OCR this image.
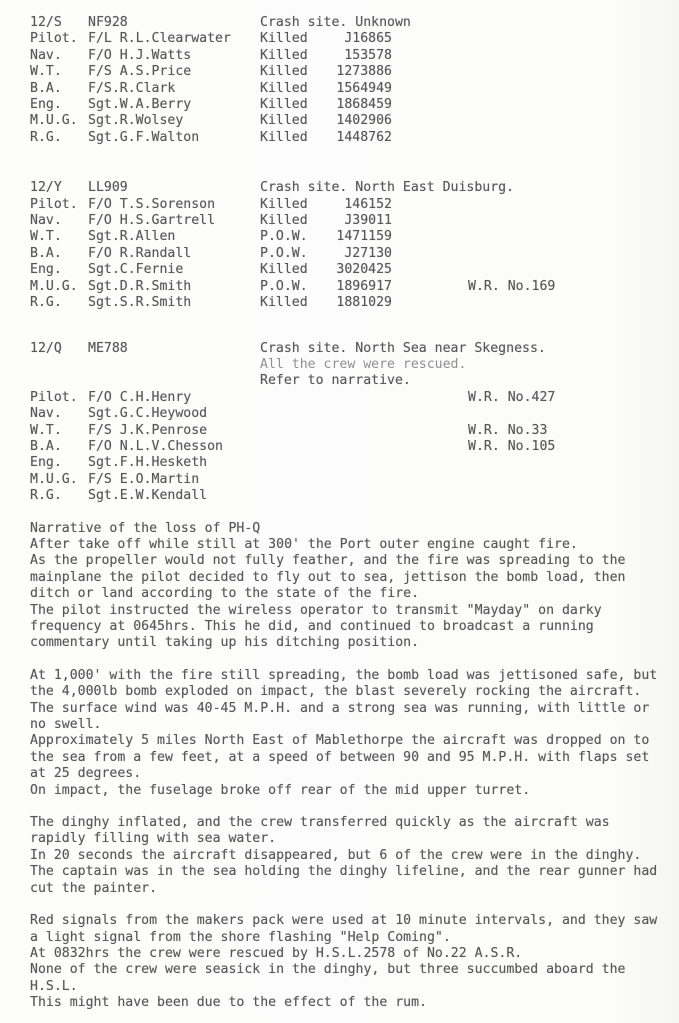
12/S	NF928	Crash site. Unknown
Pilot. F/L R.L.Clearwater	Killed	J16865
Nav.	F/O H.J.Watts	Killed	153578
W.T.	F/S A.S.Price	Killed	1273886
B.A.	F/S.R.Clark	Killed	1564949
Eng.	Sgt.W.A.Berry	Killed	1868459
M.U.G. Sgt.R.Wolsey	Killed	1402906
R.G.	Sgt.G.F.Walton	Killed	1448762
12/Y	LL909	Crash site. North East Duisburg.
Pilot. F/O T.S.Sorenson	Killed	146152
Nav.	F/O H.S.Gartrell	Killed	J39011
W.T.	Sgt.R.Allen	P.O.W.	1471159
B.A.	F/O R.Randall	P.O.W.	J27130
Eng.	Sgt.C.Fernie	Killed	3020425
M.U.G. Sgt.D.R.Smith	P.O.W.	1896917	W.R. No.169
R.G.	Sgt.S.R.Smith	Killed	1881029
12/Q	ME788	Crash site. North Sea near Skegness.
All the crew were rescued.
Refer to narrative.
Pilot. F/O C.H.Henry	W.R. No.427
Nav.	Sgt.G.C.Heywood
W.T.	F/S J.K.Penrose	W.R. No.33
B.A.	F/O N.L.V.Chesson	W.R. No.105
Eng.	Sgt.F.H.Hesketh
M.U.G. F/S E.O.Martin
R.G.	Sgt.E.W.Kendall
Narrative of the loss of PH-Q
After take off while still at 300' the Port outer engine caught fire.
As the propeller would not fully feather, and the fire was spreading to the
mainplane the pilot decided to fly out to sea, jettison the bomb load, then
ditch or land according to the state of the fire.
The pilot instructed the wireless operator to transmit "Mayday" on darky
frequency at 0645hrs. This he did, and continued to broadcast a running
commentary until taking up his ditching position.
At 1,000' with the fire still spreading, the bomb load was jettisoned safe, but
the 4,000lb bomb exploded on impact, the blast severely rocking the aircraft.
The surface wind was 40-45 M.P.H. and a strong sea was running, with little or
no swell.
Approximately 5 miles North East of Mablethorpe the aircraft was dropped on to
the sea from a few feet, at a speed of between 90 and 95 M.P.H. with flaps set
at 25 degrees.
On impact, the fuselage broke off rear of the mid upper turret.
The dinghy inflated, and the crew transferred quickly as the aircraft was
rapidly filling with sea water.
In 20 seconds the aircraft disappeared, but 6 of the crew were in the dinghy.
The captain was in the sea holding the dinghy lifeline, and the rear gunner had
cut the painter.
Red signals from the makers pack were used at 10 minute intervals, and they saw
a light signal from the shore flashing "Help Coming".
At 0832hrs the crew were rescued by H.S.L.2578 of No.22 A.S.R.
None of the crew were seasick in the dinghy, but three succumbed aboard the
H.S.L.
This might have been due to the effect of the rum.
